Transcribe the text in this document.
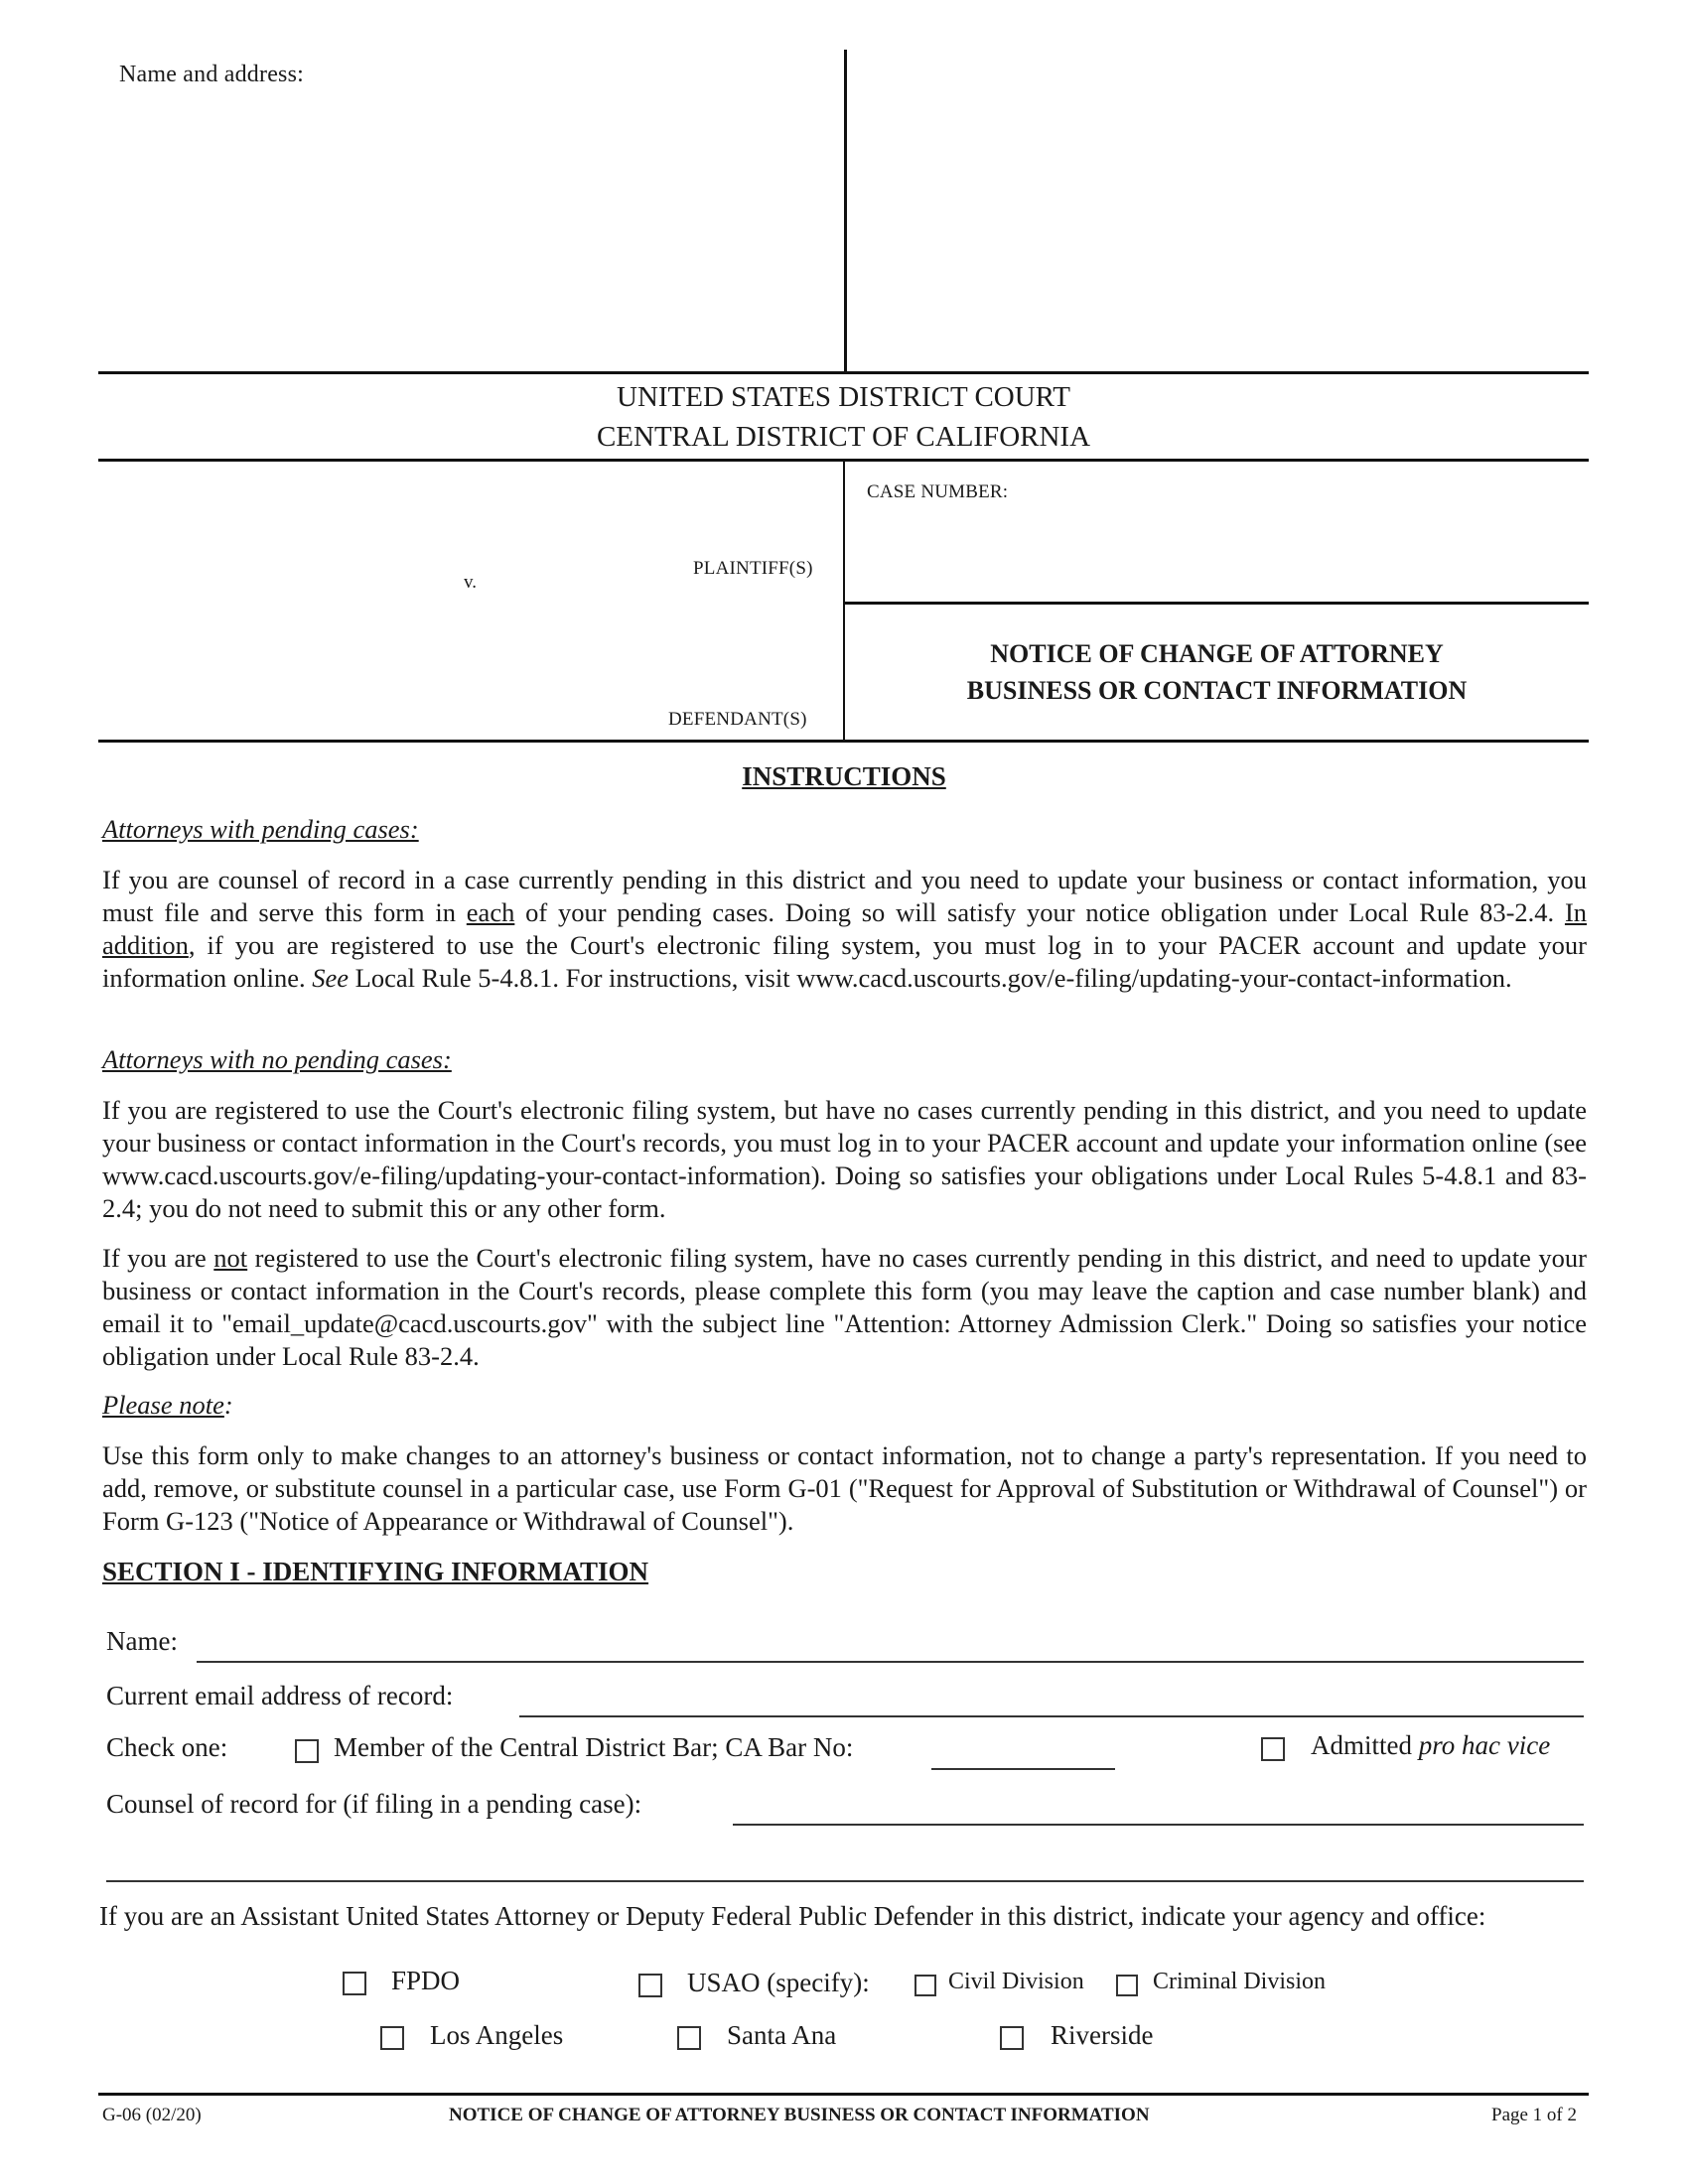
Name and address:
UNITED STATES DISTRICT COURT
CENTRAL DISTRICT OF CALIFORNIA
v.
PLAINTIFF(S)
DEFENDANT(S)
CASE NUMBER:
NOTICE OF CHANGE OF ATTORNEY
BUSINESS OR CONTACT INFORMATION
INSTRUCTIONS
Attorneys with pending cases:
If you are counsel of record in a case currently pending in this district and you need to update your business or contact information, you must file and serve this form in each of your pending cases. Doing so will satisfy your notice obligation under Local Rule 83-2.4. In addition, if you are registered to use the Court's electronic filing system, you must log in to your PACER account and update your information online. See Local Rule 5-4.8.1. For instructions, visit www.cacd.uscourts.gov/e-filing/updating-your-contact-information.
Attorneys with no pending cases:
If you are registered to use the Court's electronic filing system, but have no cases currently pending in this district, and you need to update your business or contact information in the Court's records, you must log in to your PACER account and update your information online (see www.cacd.uscourts.gov/e-filing/updating-your-contact-information). Doing so satisfies your obligations under Local Rules 5-4.8.1 and 83-2.4; you do not need to submit this or any other form.
If you are not registered to use the Court's electronic filing system, have no cases currently pending in this district, and need to update your business or contact information in the Court's records, please complete this form (you may leave the caption and case number blank) and email it to "email_update@cacd.uscourts.gov" with the subject line "Attention: Attorney Admission Clerk." Doing so satisfies your notice obligation under Local Rule 83-2.4.
Please note:
Use this form only to make changes to an attorney's business or contact information, not to change a party's representation. If you need to add, remove, or substitute counsel in a particular case, use Form G-01 ("Request for Approval of Substitution or Withdrawal of Counsel") or Form G-123 ("Notice of Appearance or Withdrawal of Counsel").
SECTION I - IDENTIFYING INFORMATION
Name:
Current email address of record:
Check one:	Member of the Central District Bar; CA Bar No:	Admitted pro hac vice
Counsel of record for (if filing in a pending case):
If you are an Assistant United States Attorney or Deputy Federal Public Defender in this district, indicate your agency and office:
FPDO	USAO (specify):	Civil Division	Criminal Division
Los Angeles	Santa Ana	Riverside
G-06 (02/20)	NOTICE OF CHANGE OF ATTORNEY BUSINESS OR CONTACT INFORMATION	Page 1 of 2
